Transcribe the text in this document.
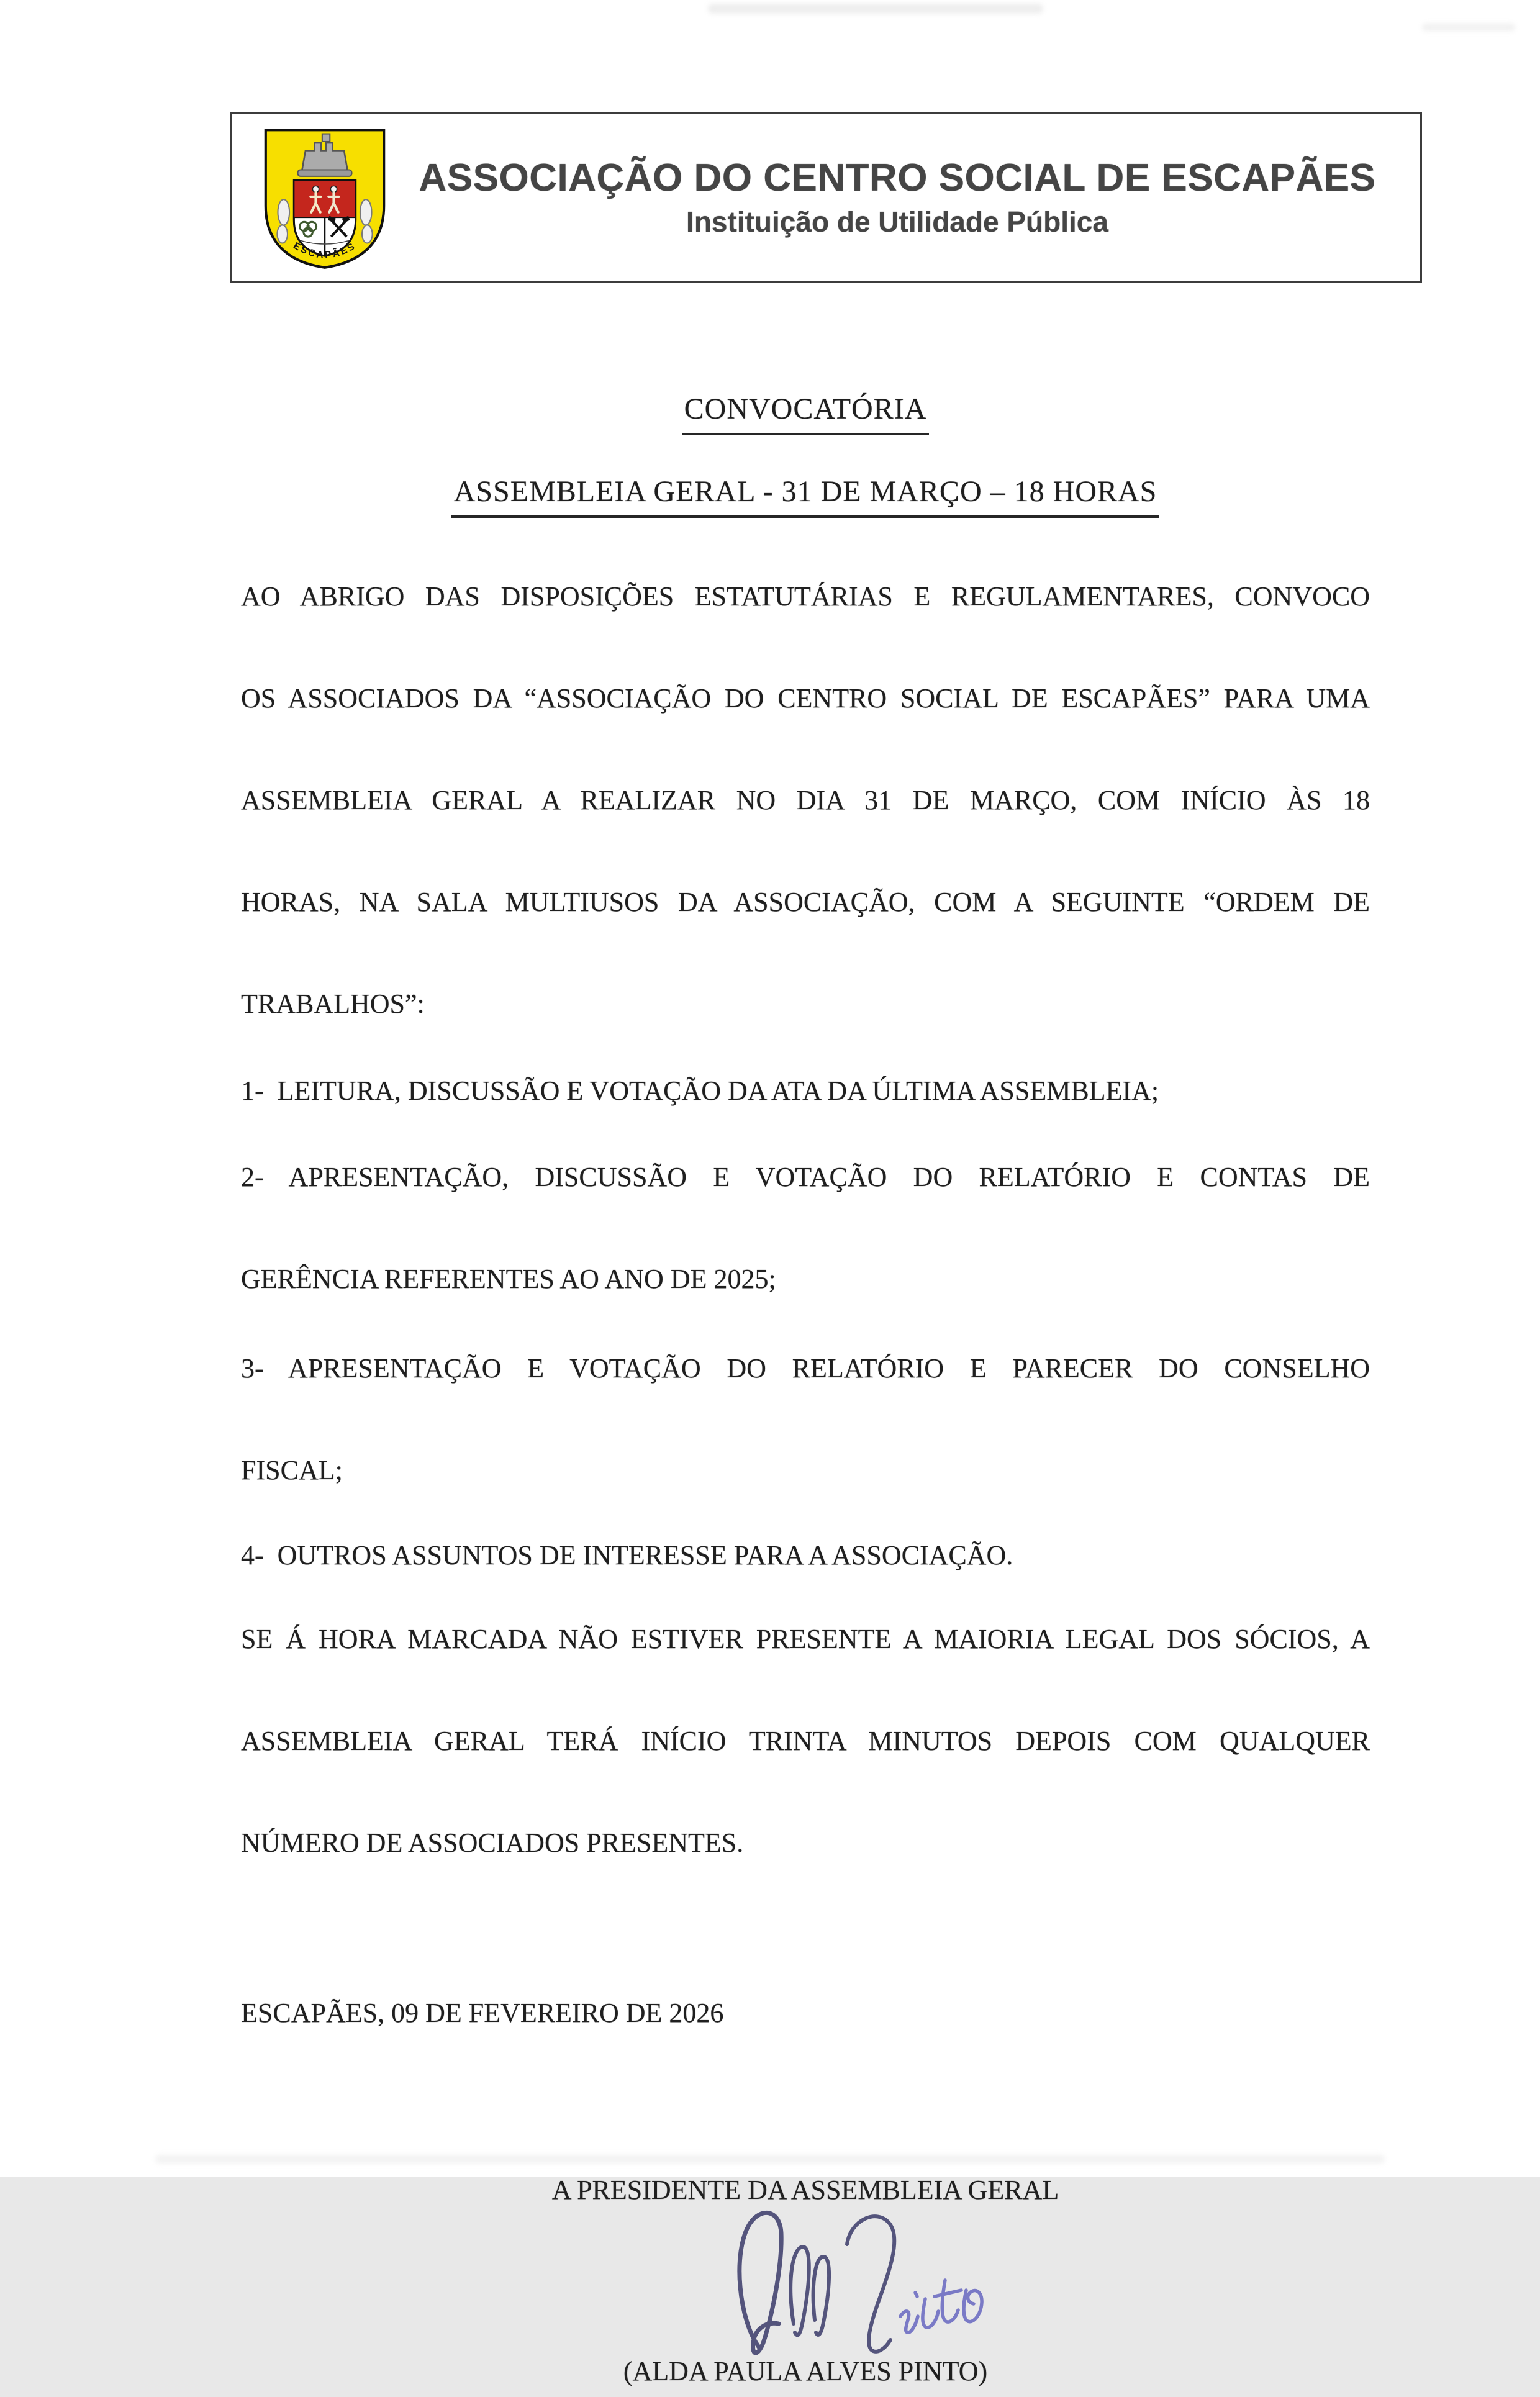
ESCAPÃES
ASSOCIAÇÃO DO CENTRO SOCIAL DE ESCAPÃES
Instituição de Utilidade Pública
CONVOCATÓRIA
ASSEMBLEIA GERAL - 31 DE MARÇO – 18 HORAS
AO ABRIGO DAS DISPOSIÇÕES ESTATUTÁRIAS E REGULAMENTARES, CONVOCO
OS ASSOCIADOS DA “ASSOCIAÇÃO DO CENTRO SOCIAL DE ESCAPÃES” PARA UMA
ASSEMBLEIA GERAL A REALIZAR NO DIA 31 DE MARÇO, COM INÍCIO ÀS 18
HORAS, NA SALA MULTIUSOS DA ASSOCIAÇÃO, COM A SEGUINTE “ORDEM DE
TRABALHOS”:
1-  LEITURA, DISCUSSÃO E VOTAÇÃO DA ATA DA ÚLTIMA ASSEMBLEIA;
2- APRESENTAÇÃO, DISCUSSÃO E VOTAÇÃO DO RELATÓRIO E CONTAS DE
GERÊNCIA REFERENTES AO ANO DE 2025;
3- APRESENTAÇÃO E VOTAÇÃO DO RELATÓRIO E PARECER DO CONSELHO
FISCAL;
4-  OUTROS ASSUNTOS DE INTERESSE PARA A ASSOCIAÇÃO.
SE Á HORA MARCADA NÃO ESTIVER PRESENTE A MAIORIA LEGAL DOS SÓCIOS, A
ASSEMBLEIA GERAL TERÁ INÍCIO TRINTA MINUTOS DEPOIS COM QUALQUER
NÚMERO DE ASSOCIADOS PRESENTES.
ESCAPÃES, 09 DE FEVEREIRO DE 2026
A PRESIDENTE DA ASSEMBLEIA GERAL
(ALDA PAULA ALVES PINTO)
